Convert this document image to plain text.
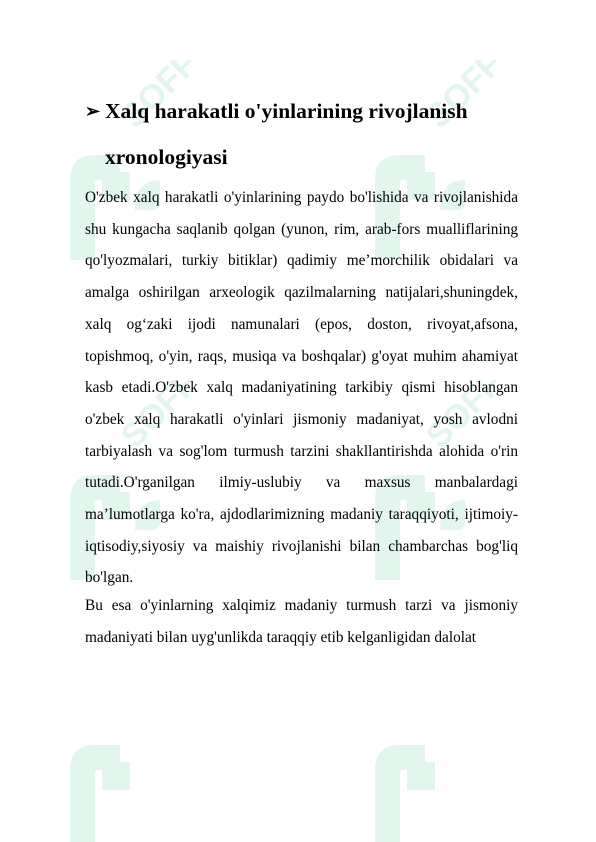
SOFF	SOFF
SOFF	SOFF
➢ Xalq harakatli o'yinlarining rivojlanish xronologiyasi

O'zbek xalq harakatli o'yinlarining paydo bo'lishida va rivojlanishida shu kungacha saqlanib qolgan (yunon, rim, arab-fors mualliflarining qo'lyozmalari, turkiy bitiklar) qadimiy me’morchilik obidalari va amalga oshirilgan arxeologik qazilmalarning natijalari,shuningdek, xalq og‘zaki ijodi namunalari (epos, doston, rivoyat,afsona, topishmoq, o'yin, raqs, musiqa va boshqalar) g'oyat muhim ahamiyat kasb etadi.O'zbek xalq madaniyatining tarkibiy qismi hisoblangan o'zbek xalq harakatli o'yinlari jismoniy madaniyat, yosh avlodni tarbiyalash va sog'lom turmush tarzini shakllantirishda alohida o'rin tutadi.O'rganilgan ilmiy-uslubiy va maxsus manbalardagi ma’lumotlarga ko'ra, ajdodlarimizning madaniy taraqqiyoti, ijtimoiy-iqtisodiy,siyosiy va maishiy rivojlanishi bilan chambarchas bog'liq bo'lgan.

Bu esa o'yinlarning xalqimiz madaniy turmush tarzi va jismoniy madaniyati bilan uyg'unlikda taraqqiy etib kelganligidan dalolat
